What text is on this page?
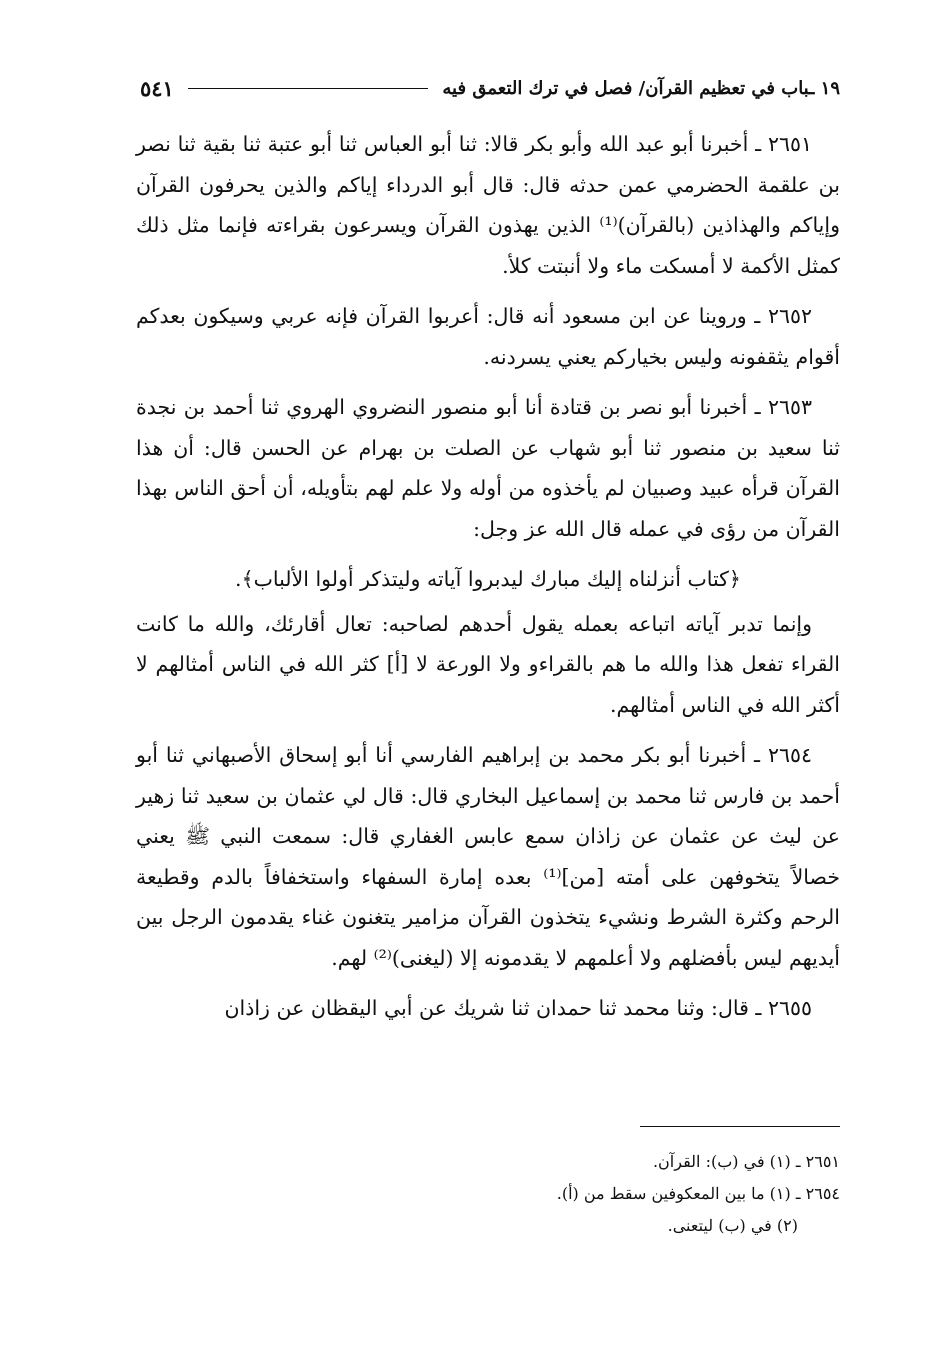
١٩ ـباب في تعظيم القرآن/ فصل في ترك التعمق فيه
٥٤١

٢٦٥١ ـ أخبرنا أبو عبد الله وأبو بكر قالا: ثنا أبو العباس ثنا أبو عتبة ثنا بقية ثنا نصر بن علقمة الحضرمي عمن حدثه قال: قال أبو الدرداء إياكم والذين يحرفون القرآن وإياكم والهذاذين (بالقرآن)⁽¹⁾ الذين يهذون القرآن ويسرعون بقراءته فإنما مثل ذلك كمثل الأكمة لا أمسكت ماء ولا أنبتت كلأ.

٢٦٥٢ ـ وروينا عن ابن مسعود أنه قال: أعربوا القرآن فإنه عربي وسيكون بعدكم أقوام يثقفونه وليس بخياركم يعني يسردنه.

٢٦٥٣ ـ أخبرنا أبو نصر بن قتادة أنا أبو منصور النضروي الهروي ثنا أحمد بن نجدة ثنا سعيد بن منصور ثنا أبو شهاب عن الصلت بن بهرام عن الحسن قال: أن هذا القرآن قرأه عبيد وصبيان لم يأخذوه من أوله ولا علم لهم بتأويله، أن أحق الناس بهذا القرآن من رؤى في عمله قال الله عز وجل:

﴿كتاب أنزلناه إليك مبارك ليدبروا آياته وليتذكر أولوا الألباب﴾.

وإنما تدبر آياته اتباعه بعمله يقول أحدهم لصاحبه: تعال أقارئك، والله ما كانت القراء تفعل هذا والله ما هم بالقراءو ولا الورعة لا [أ] كثر الله في الناس أمثالهم لا أكثر الله في الناس أمثالهم.

٢٦٥٤ ـ أخبرنا أبو بكر محمد بن إبراهيم الفارسي أنا أبو إسحاق الأصبهاني ثنا أبو أحمد بن فارس ثنا محمد بن إسماعيل البخاري قال: قال لي عثمان بن سعيد ثنا زهير عن ليث عن عثمان عن زاذان سمع عابس الغفاري قال: سمعت النبي ﷺ يعني خصالاً يتخوفهن على أمته [من]⁽¹⁾ بعده إمارة السفهاء واستخفافاً بالدم وقطيعة الرحم وكثرة الشرط ونشيء يتخذون القرآن مزامير يتغنون غناء يقدمون الرجل بين أيديهم ليس بأفضلهم ولا أعلمهم لا يقدمونه إلا (ليغنى)⁽²⁾ لهم.

٢٦٥٥ ـ قال: وثنا محمد ثنا حمدان ثنا شريك عن أبي اليقظان عن زاذان

٢٦٥١ ـ (١) في (ب): القرآن.

٢٦٥٤ ـ (١) ما بين المعكوفين سقط من (أ).

(٢) في (ب) ليتعنى.
